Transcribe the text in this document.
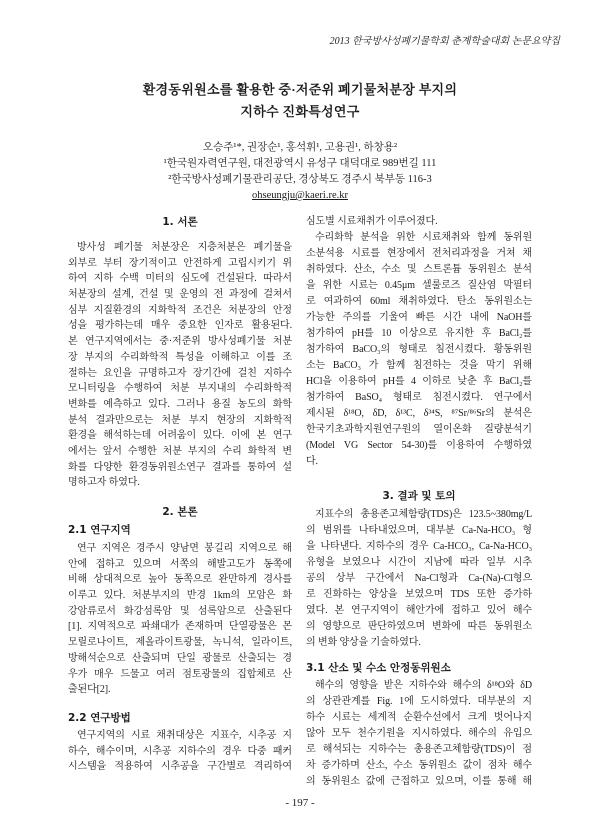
2013 한국방사성폐기물학회 춘계학술대회 논문요약집
환경동위원소를 활용한 중·저준위 폐기물처분장 부지의
지하수 진화특성연구
오승주¹*, 권장순¹, 홍석휘¹, 고용권¹, 하창용²
¹한국원자력연구원, 대전광역시 유성구 대덕대로 989번길 111
²한국방사성폐기물관리공단, 경상북도 경주시 북부동 116-3
ohseungju@kaeri.re.kr
1. 서론
방사성 폐기물 처분장은 지층처분은 폐기물을
외부로 부터 장기적이고 안전하게 고립시키기 위
하여 지하 수백 미터의 심도에 건설된다. 따라서
처분장의 설계, 건설 및 운영의 전 과정에 걸쳐서
심부 지질환경의 지화학적 조건은 처분장의 안정
성을 평가하는데 매우 중요한 인자로 활용된다.
본 연구지역에서는 중·저준위 방사성폐기물 처분
장 부지의 수리화학적 특성을 이해하고 이를 조
절하는 요인을 규명하고자 장기간에 걸친 지하수
모니터링을 수행하여 처분 부지내의 수리화학적
변화를 예측하고 있다. 그러나 용질 농도의 화학
분석 결과만으로는 처분 부지 현장의 지화학적
환경을 해석하는데 어려움이 있다. 이에 본 연구
에서는 앞서 수행한 처분 부지의 수리 화학적 변
화를 다양한 환경동위원소연구 결과를 통하여 설
명하고자 하였다.
2. 본론
2.1 연구지역
연구 지역은 경주시 양남면 봉길리 지역으로 해
안에 접하고 있으며 서쪽의 해발고도가 동쪽에
비해 상대적으로 높아 동쪽으로 완만하게 경사를
이루고 있다. 처분부지의 반경 1km의 모암은 화
강암류로서 화강섬록암 및 섬록암으로 산출된다
[1]. 지역적으로 파쇄대가 존재하며 단열광물은 몬
모릴로나이트, 제올라이트광물, 녹니석, 일라이트,
방해석순으로 산출되며 단일 광물로 산출되는 경
우가 매우 드물고 여러 점토광물의 집합체로 산
출된다[2].
2.2 연구방법
연구지역의 시료 채취대상은 지표수, 시추공 지
하수, 해수이며, 시추공 지하수의 경우 다중 패커
시스템을 적용하여 시추공을 구간별로 격리하여
심도별 시료채취가 이루어졌다.
수리화학 분석을 위한 시료채취와 함께 동위원
소분석용 시료를 현장에서 전처리과정을 거쳐 채
취하였다. 산소, 수소 및 스트론튬 동위원소 분석
을 위한 시료는 0.45μm 셀룰로즈 질산염 막필터
로 여과하여 60ml 채취하였다. 탄소 동위원소는
가능한 주의를 기울여 빠른 시간 내에 NaOH를
첨가하여 pH를 10 이상으로 유지한 후 BaCl₂를
첨가하여 BaCO₃의 형태로 침전시켰다. 황동위원
소는 BaCO₃ 가 함께 침전하는 것을 막기 위해
HCl을 이용하여 pH를 4 이하로 낮춘 후 BaCl₂를
첨가하여 BaSO₄ 형태로 침전시켰다. 연구에서
제시된 δ¹⁸O, δD, δ¹³C, δ³⁴S, ⁸⁷Sr/⁸⁶Sr의 분석은
한국기초과학지원연구원의 열이온화 질량분석기
(Model VG Sector 54-30)를 이용하여 수행하였
다.
3. 결과 및 토의
지표수의 총용존고체함량(TDS)은 123.5~380mg/L
의 범위를 나타내었으며, 대부분 Ca-Na-HCO₃ 형
을 나타낸다. 지하수의 경우 Ca-HCO₃, Ca-Na-HCO₃
유형을 보였으나 시간이 지남에 따라 일부 시추
공의 상부 구간에서 Na-Cl형과 Ca-(Na)-Cl형으
로 진화하는 양상을 보였으며 TDS 또한 증가하
였다. 본 연구지역이 해안가에 접하고 있어 해수
의 영향으로 판단하였으며 변화에 따른 동위원소
의 변화 양상을 기술하였다.
3.1 산소 및 수소 안정동위원소
해수의 영향을 받은 지하수와 해수의 δ¹⁸O와 δD
의 상관관계를 Fig. 1에 도시하였다. 대부분의 지
하수 시료는 세계적 순환수선에서 크게 벗어나지
않아 모두 천수기원을 지시하였다. 해수의 유입으
로 해석되는 지하수는 총용존고체함량(TDS)이 점
차 증가하며 산소, 수소 동위원소 값이 점차 해수
의 동위원소 값에 근접하고 있으며, 이를 통해 해
- 197 -
